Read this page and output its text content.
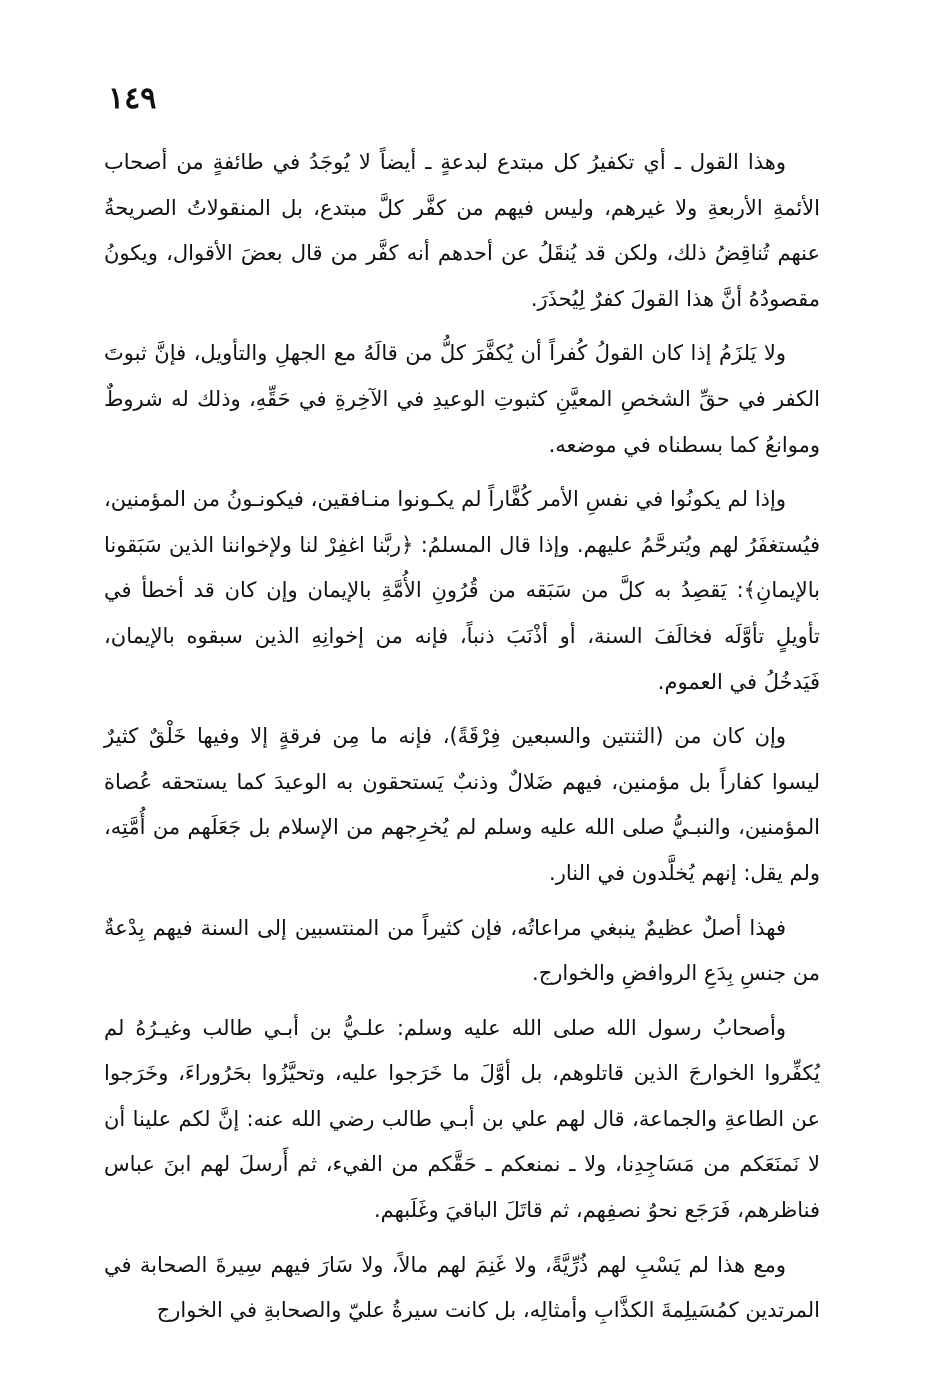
١٤٩

وهذا القول ـ أي تكفيرُ كل مبتدع لبدعةٍ ـ أيضاً لا يُوجَدُ في طائفةٍ من أصحاب الأئمةِ الأربعةِ ولا غيرهم، وليس فيهم من كفَّر كلَّ مبتدع، بل المنقولاتُ الصريحةُ عنهم تُناقِضُ ذلك، ولكن قد يُنقَلُ عن أحدهم أنه كفَّر من قال بعضَ الأقوال، ويكونُ مقصودُهُ أنَّ هذا القولَ كفرٌ لِيُحذَرَ.

ولا يَلزَمُ إذا كان القولُ كُفراً أن يُكفَّرَ كلُّ من قالَهُ مع الجهلِ والتأويل، فإنَّ ثبوتَ الكفر في حقِّ الشخصِ المعيَّنِ كثبوتِ الوعيدِ في الآخِرةِ في حَقِّهِ، وذلك له شروطٌ وموانعُ كما بسطناه في موضعه.

وإذا لم يكونُوا في نفسِ الأمر كُفَّاراً لم يكـونوا منـافقين، فيكونـونُ من المؤمنين، فيُستغفَرُ لهم ويُترحَّمُ عليهم. وإذا قال المسلمُ: ﴿ربَّنا اغفِرْ لنا ولإخواننا الذين سَبَقونا بالإيمانِ﴾: يَقصِدُ به كلَّ من سَبَقه من قُرُونِ الأُمَّةِ بالإيمان وإن كان قد أخطأ في تأويلٍ تأوَّلَه فخالَفَ السنة، أو أذْنَبَ ذنباً، فإنه من إخوانِهِ الذين سبقوه بالإيمان، فَيَدخُلُ في العموم.

وإن كان من (الثنتين والسبعين فِرْقَةً)، فإنه ما مِن فرقةٍ إلا وفيها خَلْقٌ كثيرٌ ليسوا كفاراً بل مؤمنين، فيهم ضَلالٌ وذنبٌ يَستحقون به الوعيدَ كما يستحقه عُصاة المؤمنين، والنبـيُّ صلى الله عليه وسلم لم يُخرِجهم من الإسلام بل جَعَلَهم من أُمَّتِه، ولم يقل: إنهم يُخلَّدون في النار.

فهذا أصلٌ عظيمٌ ينبغي مراعاتُه، فإن كثيراً من المنتسبين إلى السنة فيهم بِدْعةٌ من جنسِ بِدَعِ الروافضِ والخوارج.

وأصحابُ رسول الله صلى الله عليه وسلم: علـيُّ بن أبـي طالب وغيـرُهُ لم يُكفِّروا الخوارجَ الذين قاتلوهم، بل أوَّلَ ما خَرَجوا عليه، وتحيَّزُوا بحَرُوراءَ، وخَرَجوا عن الطاعةِ والجماعة، قال لهم علي بن أبـي طالب رضي الله عنه: إنَّ لكم علينا أن لا نَمنَعَكم من مَسَاجِدِنا، ولا ـ نمنعكم ـ حَقَّكم من الفيء، ثم أَرسلَ لهم ابنَ عباس فناظرهم، فَرَجَع نحوُ نصفِهم، ثم قاتَلَ الباقيَ وغَلَبهم.

ومع هذا لم يَسْبِ لهم ذُرِّيَّةً، ولا غَنِمَ لهم مالاً، ولا سَارَ فيهم سِيرةَ الصحابة في المرتدين كمُسَيلِمةَ الكذَّابِ وأمثالِه، بل كانت سيرةُ عليّ والصحابةِ في الخوارج
